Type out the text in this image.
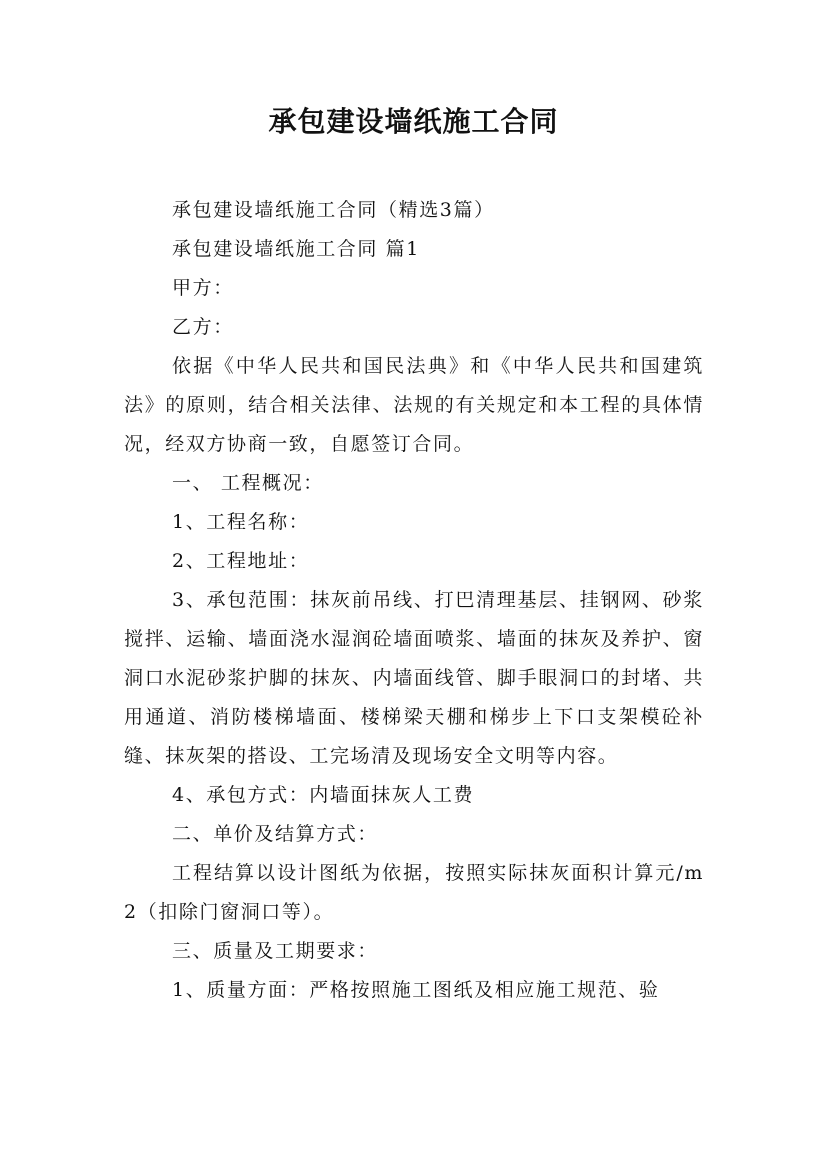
承包建设墙纸施工合同

承包建设墙纸施工合同（精选3篇）

承包建设墙纸施工合同 篇1

甲方：

乙方：

依据《中华人民共和国民法典》和《中华人民共和国建筑法》的原则，结合相关法律、法规的有关规定和本工程的具体情况，经双方协商一致，自愿签订合同。

一、 工程概况：

1、工程名称：

2、工程地址：

3、承包范围：抹灰前吊线、打巴清理基层、挂钢网、砂浆搅拌、运输、墙面浇水湿润砼墙面喷浆、墙面的抹灰及养护、窗洞口水泥砂浆护脚的抹灰、内墙面线管、脚手眼洞口的封堵、共用通道、消防楼梯墙面、楼梯梁天棚和梯步上下口支架模砼补缝、抹灰架的搭设、工完场清及现场安全文明等内容。

4、承包方式：内墙面抹灰人工费

二、单价及结算方式：

工程结算以设计图纸为依据，按照实际抹灰面积计算元/m2（扣除门窗洞口等）。

三、质量及工期要求：

1、质量方面：严格按照施工图纸及相应施工规范、验
